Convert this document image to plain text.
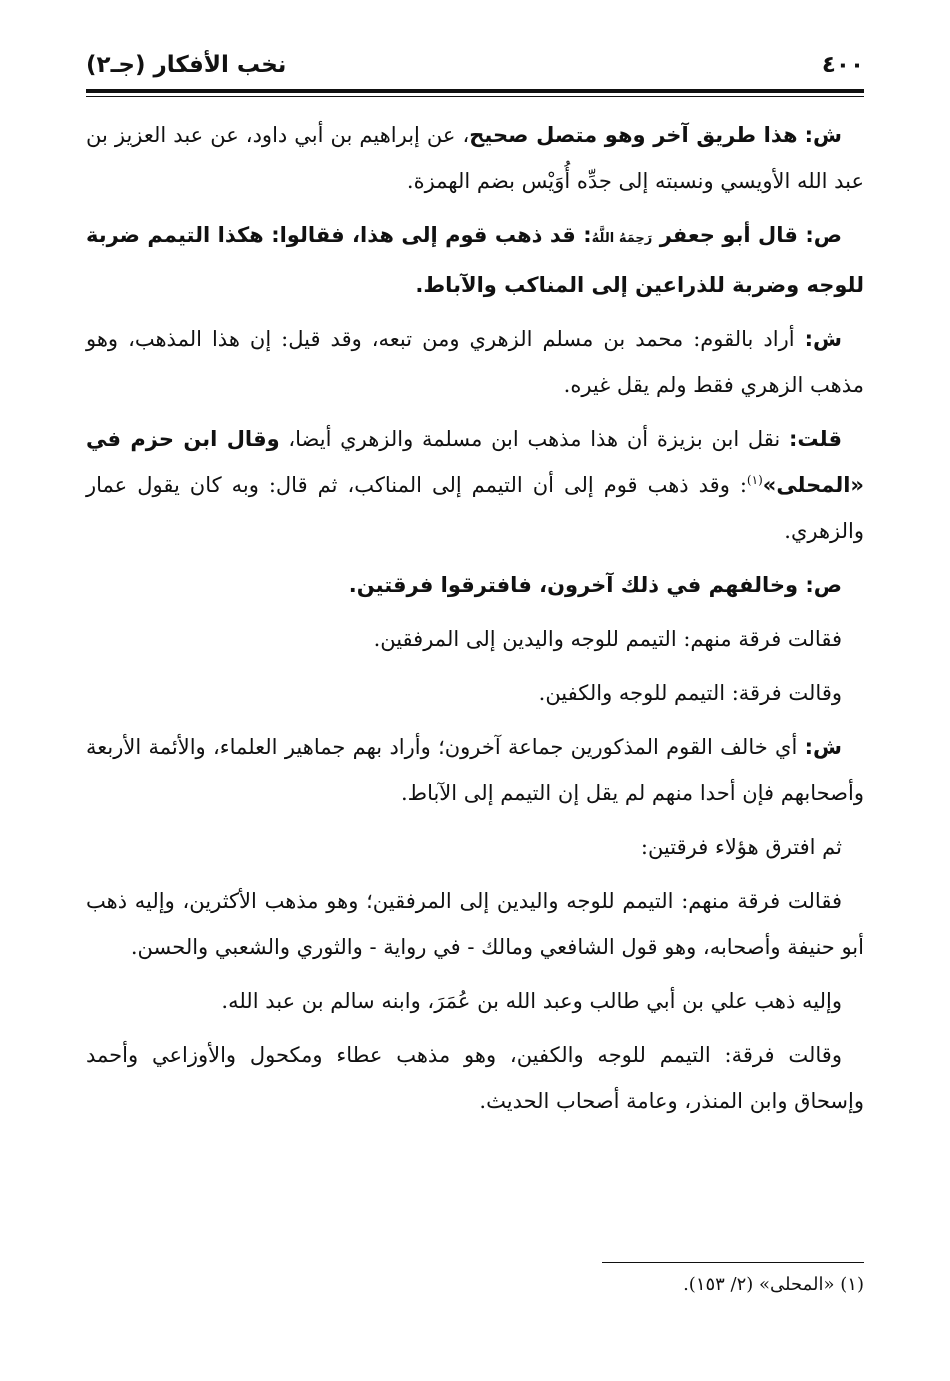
٤٠٠
نخب الأفكار (جـ٢)

ش: هذا طريق آخر وهو متصل صحيح، عن إبراهيم بن أبي داود، عن عبد العزيز بن عبد الله الأويسي ونسبته إلى جدِّه أُوَيْس بضم الهمزة.

ص: قال أبو جعفر رَحِمَهُ اللَّهُ: قد ذهب قوم إلى هذا، فقالوا: هكذا التيمم ضربة للوجه وضربة للذراعين إلى المناكب والآباط.

ش: أراد بالقوم: محمد بن مسلم الزهري ومن تبعه، وقد قيل: إن هذا المذهب، وهو مذهب الزهري فقط ولم يقل غيره.

قلت: نقل ابن بزيزة أن هذا مذهب ابن مسلمة والزهري أيضا، وقال ابن حزم في «المحلى»$^{(١)}$: وقد ذهب قوم إلى أن التيمم إلى المناكب، ثم قال: وبه كان يقول عمار والزهري.

ص: وخالفهم في ذلك آخرون، فافترقوا فرقتين.

فقالت فرقة منهم: التيمم للوجه واليدين إلى المرفقين.

وقالت فرقة: التيمم للوجه والكفين.

ش: أي خالف القوم المذكورين جماعة آخرون؛ وأراد بهم جماهير العلماء، والأئمة الأربعة وأصحابهم فإن أحدا منهم لم يقل إن التيمم إلى الآباط.

ثم افترق هؤلاء فرقتين:

فقالت فرقة منهم: التيمم للوجه واليدين إلى المرفقين؛ وهو مذهب الأكثرين، وإليه ذهب أبو حنيفة وأصحابه، وهو قول الشافعي ومالك - في رواية - والثوري والشعبي والحسن.

وإليه ذهب علي بن أبي طالب وعبد الله بن عُمَرَ، وابنه سالم بن عبد الله.

وقالت فرقة: التيمم للوجه والكفين، وهو مذهب عطاء ومكحول والأوزاعي وأحمد وإسحاق وابن المنذر، وعامة أصحاب الحديث.

(١) «المحلى» (٢/ ١٥٣).
